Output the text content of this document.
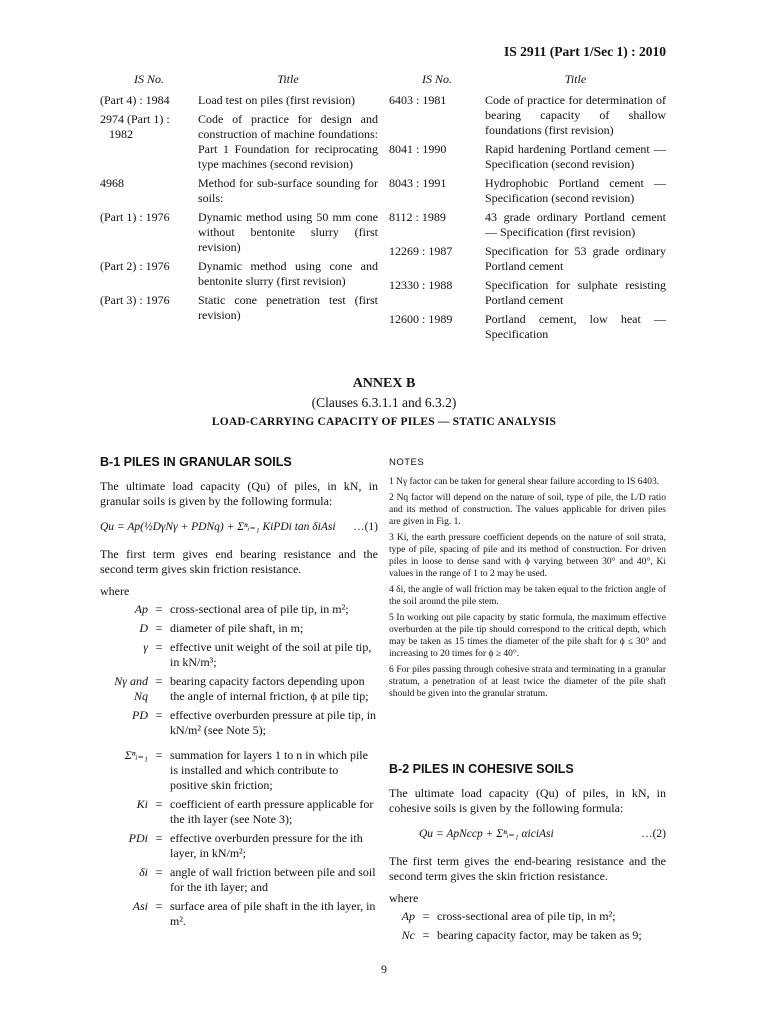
IS 2911 (Part 1/Sec 1) : 2010
IS No.	Title
(Part 4) : 1984	Load test on piles (first revision)
2974 (Part 1) :
1982	Code of practice for design and construction of machine foundations: Part 1 Foundation for reciprocating type machines (second revision)
4968	Method for sub-surface sounding for soils:
(Part 1) : 1976	Dynamic method using 50 mm cone without bentonite slurry (first revision)
(Part 2) : 1976	Dynamic method using cone and bentonite slurry (first revision)
(Part 3) : 1976	Static cone penetration test (first revision)
IS No.	Title
6403 : 1981	Code of practice for determination of bearing capacity of shallow foundations (first revision)
8041 : 1990	Rapid hardening Portland cement — Specification (second revision)
8043 : 1991	Hydrophobic Portland cement — Specification (second revision)
8112 : 1989	43 grade ordinary Portland cement — Specification (first revision)
12269 : 1987	Specification for 53 grade ordinary Portland cement
12330 : 1988	Specification for sulphate resisting Portland cement
12600 : 1989	Portland cement, low heat — Specification
ANNEX B
(Clauses 6.3.1.1 and 6.3.2)
LOAD-CARRYING CAPACITY OF PILES — STATIC ANALYSIS
B-1 PILES IN GRANULAR SOILS

The ultimate load capacity (Qu) of piles, in kN, in granular soils is given by the following formula:

Qu = Ap(½DγNγ + PDNq) + Σⁿᵢ₌₁ KiPDi tan δiAsi …(1)

The first term gives end bearing resistance and the second term gives skin friction resistance.

where
Ap = cross-sectional area of pile tip, in m²;
D = diameter of pile shaft, in m;
γ = effective unit weight of the soil at pile tip, in kN/m³;
Nγ and Nq
= bearing capacity factors depending upon the angle of internal friction, ϕ at pile tip;
PD = effective overburden pressure at pile tip, in kN/m² (see Note 5);
Σⁿᵢ₌₁ = summation for layers 1 to n in which pile is installed and which contribute to positive skin friction;
Ki = coefficient of earth pressure applicable for the ith layer (see Note 3);
PDi = effective overburden pressure for the ith layer, in kN/m²;
δi = angle of wall friction between pile and soil for the ith layer; and
Asi = surface area of pile shaft in the ith layer, in m².
NOTES
1 Nγ factor can be taken for general shear failure according to IS 6403.
2 Nq factor will depend on the nature of soil, type of pile, the L/D ratio and its method of construction. The values applicable for driven piles are given in Fig. 1.
3 Ki, the earth pressure coefficient depends on the nature of soil strata, type of pile, spacing of pile and its method of construction. For driven piles in loose to dense sand with ϕ varying between 30° and 40°, Ki values in the range of 1 to 2 may be used.
4 δi, the angle of wall friction may be taken equal to the friction angle of the soil around the pile stem.
5 In working out pile capacity by static formula, the maximum effective overburden at the pile tip should correspond to the critical depth, which may be taken as 15 times the diameter of the pile shaft for ϕ ≤ 30° and increasing to 20 times for ϕ ≥ 40°.
6 For piles passing through cohesive strata and terminating in a granular stratum, a penetration of at least twice the diameter of the pile shaft should be given into the granular stratum.
B-2 PILES IN COHESIVE SOILS

The ultimate load capacity (Qu) of piles, in kN, in cohesive soils is given by the following formula:

Qu = ApNccp + Σⁿᵢ₌₁ αiciAsi	…(2)

The first term gives the end-bearing resistance and the second term gives the skin friction resistance.

where
Ap = cross-sectional area of pile tip, in m²;
Nc = bearing capacity factor, may be taken as 9;
9
